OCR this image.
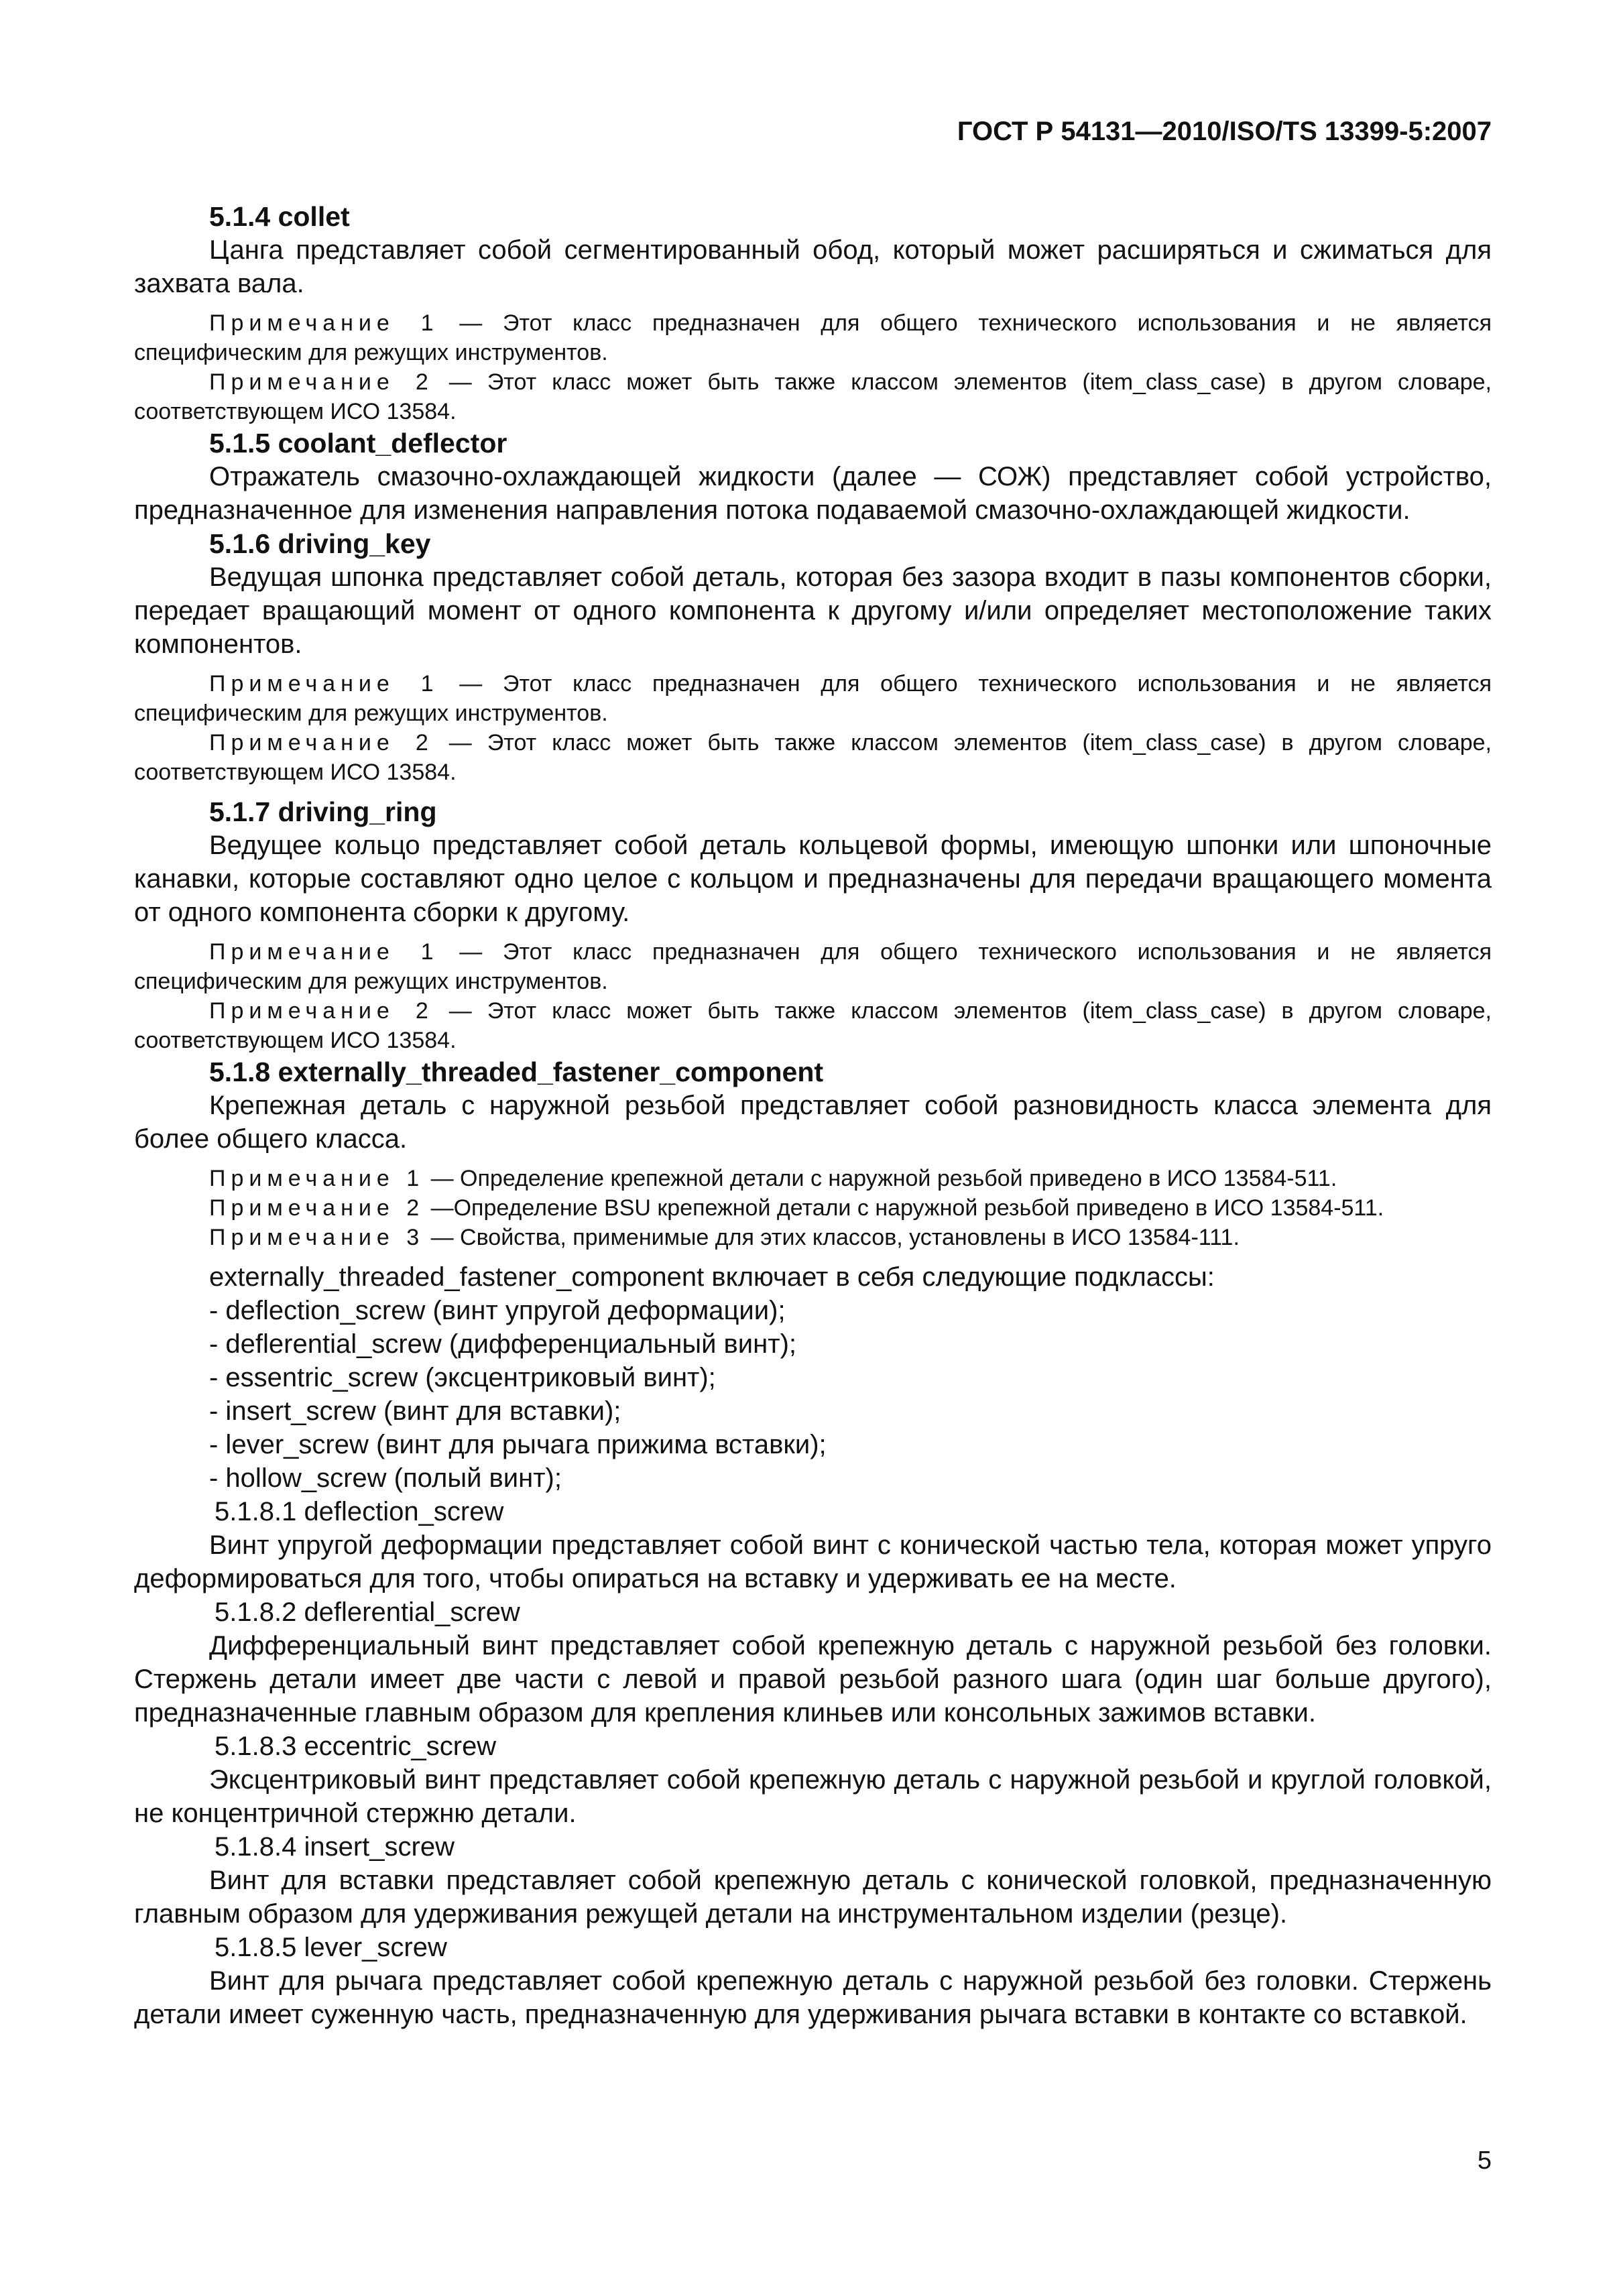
ГОСТ Р 54131—2010/ISO/TS 13399-5:2007
5.1.4 collet

Цанга представляет собой сегментированный обод, который может расширяться и сжиматься для захвата вала.

Примечание 1 — Этот класс предназначен для общего технического использования и не является специфическим для режущих инструментов.

Примечание 2 — Этот класс может быть также классом элементов (item_class_case) в другом словаре, соответствующем ИСО 13584.

5.1.5 coolant_deflector

Отражатель смазочно-охлаждающей жидкости (далее — СОЖ) представляет собой устройство, предназначенное для изменения направления потока подаваемой смазочно-охлаждающей жидкости.

5.1.6 driving_key

Ведущая шпонка представляет собой деталь, которая без зазора входит в пазы компонентов сборки, передает вращающий момент от одного компонента к другому и/или определяет местоположение таких компонентов.

Примечание 1 — Этот класс предназначен для общего технического использования и не является специфическим для режущих инструментов.

Примечание 2 — Этот класс может быть также классом элементов (item_class_case) в другом словаре, соответствующем ИСО 13584.

5.1.7 driving_ring

Ведущее кольцо представляет собой деталь кольцевой формы, имеющую шпонки или шпоночные канавки, которые составляют одно целое с кольцом и предназначены для передачи вращающего момента от одного компонента сборки к другому.

Примечание 1 — Этот класс предназначен для общего технического использования и не является специфическим для режущих инструментов.

Примечание 2 — Этот класс может быть также классом элементов (item_class_case) в другом словаре, соответствующем ИСО 13584.

5.1.8 externally_threaded_fastener_component

Крепежная деталь с наружной резьбой представляет собой разновидность класса элемента для более общего класса.

Примечание 1 — Определение крепежной детали с наружной резьбой приведено в ИСО 13584-511.

Примечание 2 —Определение BSU крепежной детали с наружной резьбой приведено в ИСО 13584-511.

Примечание 3 — Свойства, применимые для этих классов, установлены в ИСО 13584-111.

externally_threaded_fastener_component включает в себя следующие подклассы:
- deflection_screw (винт упругой деформации);
- deflerential_screw (дифференциальный винт);
- essentric_screw (эксцентриковый винт);
- insert_screw (винт для вставки);
- lever_screw (винт для рычага прижима вставки);
- hollow_screw (полый винт);
5.1.8.1 deflection_screw

Винт упругой деформации представляет собой винт с конической частью тела, которая может упруго деформироваться для того, чтобы опираться на вставку и удерживать ее на месте.

5.1.8.2 deflerential_screw

Дифференциальный винт представляет собой крепежную деталь с наружной резьбой без головки. Стержень детали имеет две части с левой и правой резьбой разного шага (один шаг больше другого), предназначенные главным образом для крепления клиньев или консольных зажимов вставки.

5.1.8.3 eccentric_screw

Эксцентриковый винт представляет собой крепежную деталь с наружной резьбой и круглой головкой, не концентричной стержню детали.

5.1.8.4 insert_screw

Винт для вставки представляет собой крепежную деталь с конической головкой, предназначенную главным образом для удерживания режущей детали на инструментальном изделии (резце).

5.1.8.5 lever_screw

Винт для рычага представляет собой крепежную деталь с наружной резьбой без головки. Стержень детали имеет суженную часть, предназначенную для удерживания рычага вставки в контакте со вставкой.

5
